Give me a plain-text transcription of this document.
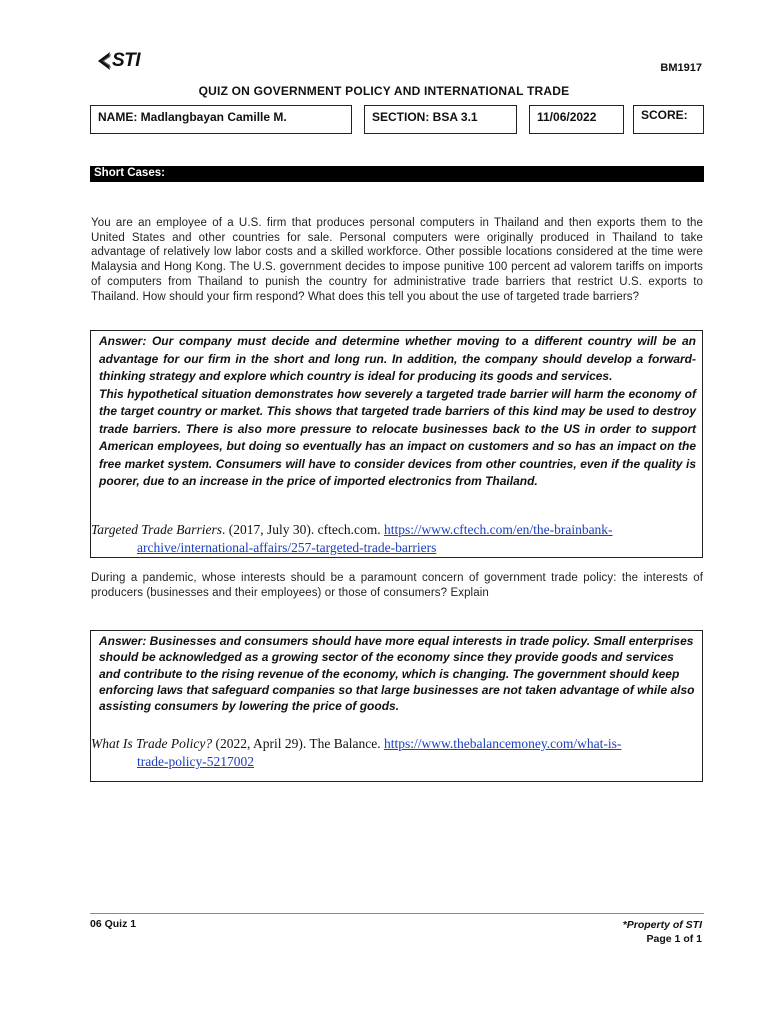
STI	BM1917
QUIZ ON GOVERNMENT POLICY AND INTERNATIONAL TRADE
NAME: Madlangbayan Camille M.	SECTION: BSA 3.1	11/06/2022	SCORE:
Short Cases:
You are an employee of a U.S. firm that produces personal computers in Thailand and then exports them to the United States and other countries for sale. Personal computers were originally produced in Thailand to take advantage of relatively low labor costs and a skilled workforce. Other possible locations considered at the time were Malaysia and Hong Kong. The U.S. government decides to impose punitive 100 percent ad valorem tariffs on imports of computers from Thailand to punish the country for administrative trade barriers that restrict U.S. exports to Thailand. How should your firm respond? What does this tell you about the use of targeted trade barriers?
Answer: Our company must decide and determine whether moving to a different country will be an advantage for our firm in the short and long run. In addition, the company should develop a forward-thinking strategy and explore which country is ideal for producing its goods and services.
This hypothetical situation demonstrates how severely a targeted trade barrier will harm the economy of the target country or market. This shows that targeted trade barriers of this kind may be used to destroy trade barriers. There is also more pressure to relocate businesses back to the US in order to support American employees, but doing so eventually has an impact on customers and so has an impact on the free market system. Consumers will have to consider devices from other countries, even if the quality is poorer, due to an increase in the price of imported electronics from Thailand.
Targeted Trade Barriers. (2017, July 30). cftech.com. https://www.cftech.com/en/the-brainbank-
archive/international-affairs/257-targeted-trade-barriers
During a pandemic, whose interests should be a paramount concern of government trade policy: the interests of producers (businesses and their employees) or those of consumers? Explain
Answer: Businesses and consumers should have more equal interests in trade policy. Small enterprises should be acknowledged as a growing sector of the economy since they provide goods and services and contribute to the rising revenue of the economy, which is changing. The government should keep enforcing laws that safeguard companies so that large businesses are not taken advantage of while also assisting consumers by lowering the price of goods.
What Is Trade Policy? (2022, April 29). The Balance. https://www.thebalancemoney.com/what-is-
trade-policy-5217002
06 Quiz 1	*Property of STI
Page 1 of 1
